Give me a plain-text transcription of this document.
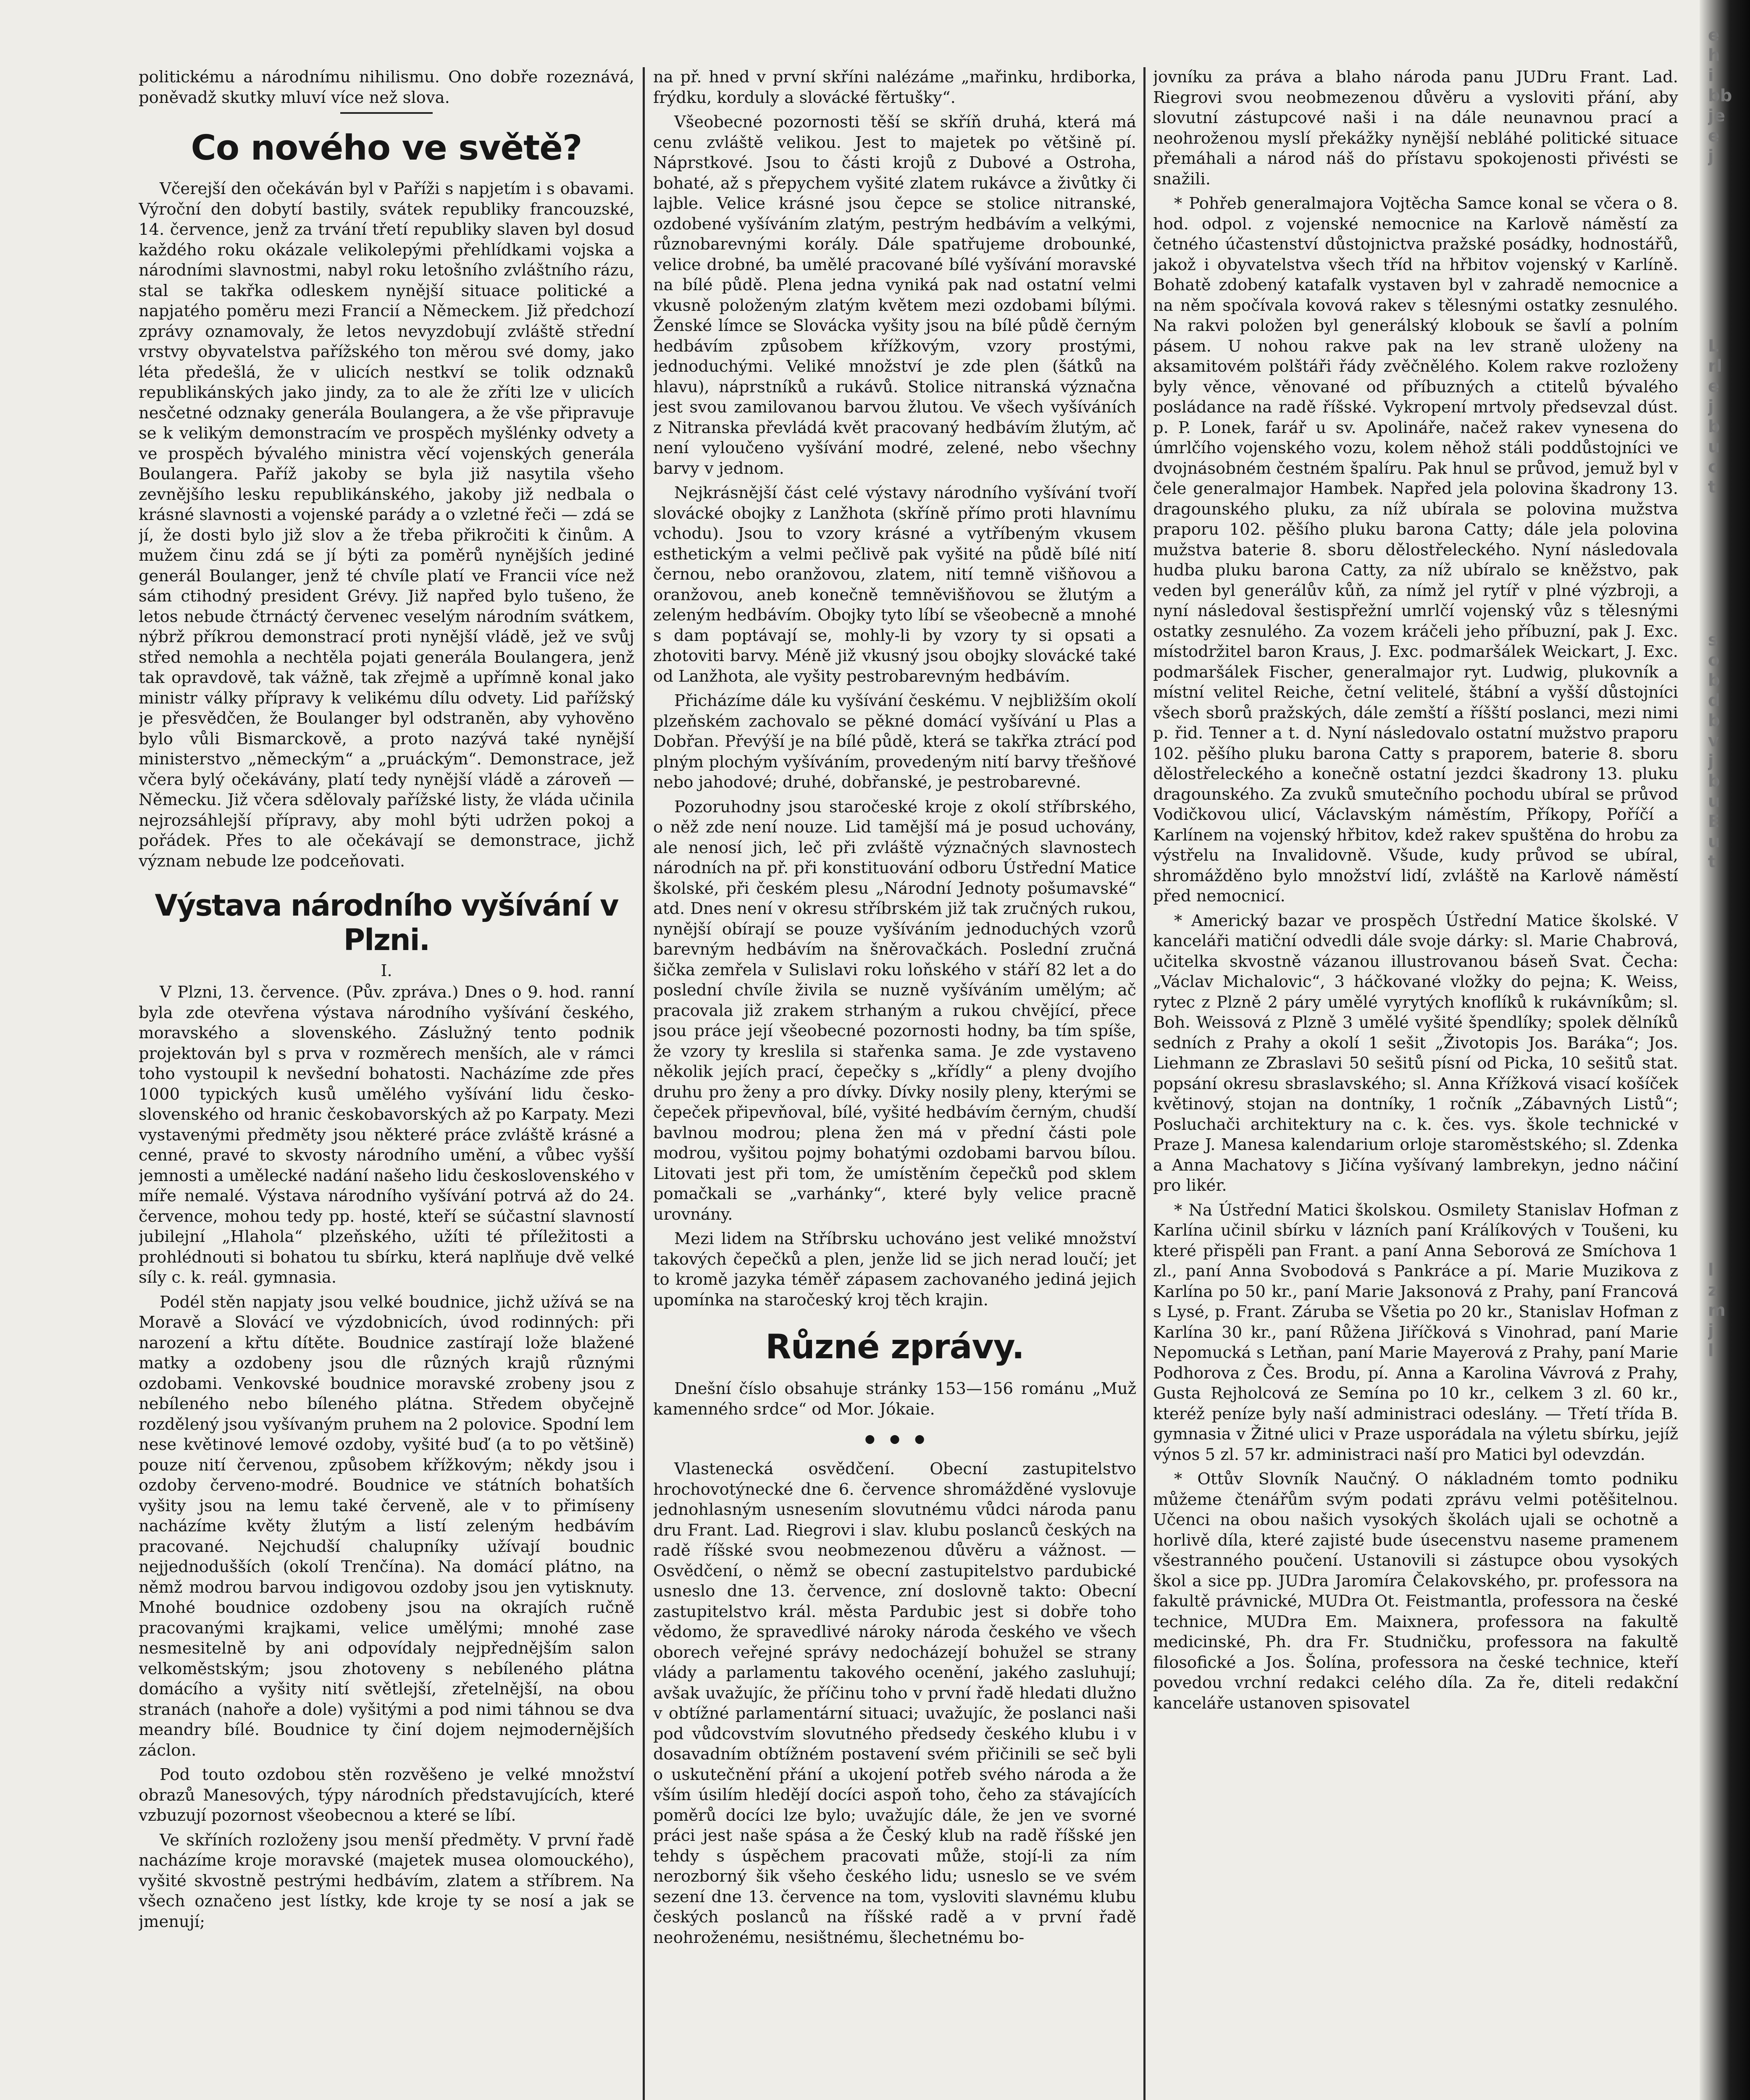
e
h
i
bb
je
e
j
L
rl
e
j
b
u
c
t
s
o
b
d
b
v
j
b
u
E
u
t
l
z
m
j
l

politickému a národnímu nihilismu. Ono dobře rozeznává, poněvadž skutky mluví více než slova.

Co nového ve světě?

Včerejší den očekáván byl v Paříži s napjetím i s obavami. Výroční den dobytí bastily, svátek republiky francouzské, 14. července, jenž za trvání třetí republiky slaven byl dosud každého roku okázale velikolepými přehlídkami vojska a národními slavnostmi, nabyl roku letošního zvláštního rázu, stal se takřka odleskem nynější situace politické a napjatého poměru mezi Francií a Německem. Již předchozí zprávy oznamovaly, že letos nevyzdobují zvláště střední vrstvy obyvatelstva pařížského ton měrou své domy, jako léta předešlá, že v ulicích nestkví se tolik odznaků republikánských jako jindy, za to ale že zříti lze v ulicích nesčetné odznaky generála Boulangera, a že vše připravuje se k velikým demonstracím ve prospěch myšlénky odvety a ve prospěch bývalého ministra věcí vojenských generála Boulangera. Paříž jakoby se byla již nasytila všeho zevnějšího lesku republikánského, jakoby již nedbala o krásné slavnosti a vojenské parády a o vzletné řeči — zdá se jí, že dosti bylo již slov a že třeba přikročiti k činům. A mužem činu zdá se jí býti za poměrů nynějších jediné generál Boulanger, jenž té chvíle platí ve Francii více než sám ctihodný president Grévy. Již napřed bylo tušeno, že letos nebude čtrnáctý červenec veselým národním svátkem, nýbrž příkrou demonstrací proti nynější vládě, jež ve svůj střed nemohla a nechtěla pojati generála Boulangera, jenž tak opravdově, tak vážně, tak zřejmě a upřímně konal jako ministr války přípravy k velikému dílu odvety. Lid pařížský je přesvědčen, že Boulanger byl odstraněn, aby vyhověno bylo vůli Bismarckově, a proto nazývá také nynější ministerstvo „německým“ a „pruáckým“. Demonstrace, jež včera bylý očekávány, platí tedy nynější vládě a zároveň — Německu. Již včera sdělovaly pařížské listy, že vláda učinila nejrozsáhlejší přípravy, aby mohl býti udržen pokoj a pořádek. Přes to ale očekávají se demonstrace, jichž význam nebude lze podceňovati.

Výstava národního vyšívání v Plzni.
I.

V Plzni, 13. července. (Pův. zpráva.) Dnes o 9. hod. ranní byla zde otevřena výstava národního vyšívání českého, moravského a slovenského. Záslužný tento podnik projektován byl s prva v rozměrech menších, ale v rámci toho vystoupil k nevšední bohatosti. Nacházíme zde přes 1000 typických kusů umělého vyšívání lidu česko-slovenského od hranic českobavorských až po Karpaty. Mezi vystavenými předměty jsou některé práce zvláště krásné a cenné, pravé to skvosty národního umění, a vůbec vyšší jemnosti a umělecké nadání našeho lidu československého v míře nemalé. Výstava národního vyšívání potrvá až do 24. července, mohou tedy pp. hosté, kteří se súčastní slavností jubilejní „Hlahola“ plzeňského, užíti té příležitosti a prohlédnouti si bohatou tu sbírku, která naplňuje dvě velké síly c. k. reál. gymnasia.

Podél stěn napjaty jsou velké boudnice, jichž užívá se na Moravě a Slovácí ve výzdobnicích, úvod rodinných: při narození a křtu dítěte. Boudnice zastírají lože blažené matky a ozdobeny jsou dle různých krajů různými ozdobami. Venkovské boudnice moravské zrobeny jsou z nebíleného nebo bíleného plátna. Středem obyčejně rozdělený jsou vyšívaným pruhem na 2 polovice. Spodní lem nese květinové lemové ozdoby, vyšité buď (a to po většině) pouze nití červenou, způsobem křížkovým; někdy jsou i ozdoby červeno-modré. Boudnice ve státních bohatších vyšity jsou na lemu také červeně, ale v to přimíseny nacházíme květy žlutým a listí zeleným hedbávím pracované. Nejchudší chalupníky užívají boudnic nejjednodušších (okolí Trenčína). Na domácí plátno, na němž modrou barvou indigovou ozdoby jsou jen vytisknuty. Mnohé boudnice ozdobeny jsou na okrajích ručně pracovanými krajkami, velice umělými; mnohé zase nesmesitelně by ani odpovídaly nejpřednějším salon velkoměstským; jsou zhotoveny s nebíleného plátna domácího a vyšity nití světlejší, zřetelnější, na obou stranách (nahoře a dole) vyšitými a pod nimi táhnou se dva meandry bílé. Boudnice ty činí dojem nejmodernějších záclon.

Pod touto ozdobou stěn rozvěšeno je velké množství obrazů Manesových, týpy národních představujících, které vzbuzují pozornost všeobecnou a které se líbí.

Ve skříních rozloženy jsou menší předměty. V první řadě nacházíme kroje moravské (majetek musea olomouckého), vyšité skvostně pestrými hedbávím, zlatem a stříbrem. Na všech označeno jest lístky, kde kroje ty se nosí a jak se jmenují;

na př. hned v první skříni nalézáme „mařinku, hrdiborka, frýdku, korduly a slovácké fěrtušky“.

Všeobecné pozornosti těší se skříň druhá, která má cenu zvláště velikou. Jest to majetek po většině pí. Náprstkové. Jsou to části krojů z Dubové a Ostroha, bohaté, až s přepychem vyšité zlatem rukávce a živůtky či lajble. Velice krásné jsou čepce se stolice nitranské, ozdobené vyšíváním zlatým, pestrým hedbávím a velkými, různobarevnými korály. Dále spatřujeme drobounké, velice drobné, ba umělé pracované bílé vyšívání moravské na bílé půdě. Plena jedna vyniká pak nad ostatní velmi vkusně položeným zlatým květem mezi ozdobami bílými. Ženské límce se Slovácka vyšity jsou na bílé půdě černým hedbávím způsobem křížkovým, vzory prostými, jednoduchými. Veliké množství je zde plen (šátků na hlavu), náprstníků a rukávů. Stolice nitranská význačna jest svou zamilovanou barvou žlutou. Ve všech vyšíváních z Nitranska převládá květ pracovaný hedbávím žlutým, ač není vyloučeno vyšívání modré, zelené, nebo všechny barvy v jednom.

Nejkrásnější část celé výstavy národního vyšívání tvoří slovácké obojky z Lanžhota (skříně přímo proti hlavnímu vchodu). Jsou to vzory krásné a vytříbeným vkusem esthetickým a velmi pečlivě pak vyšité na půdě bílé nití černou, nebo oranžovou, zlatem, nití temně višňovou a oranžovou, aneb konečně temněvišňovou se žlutým a zeleným hedbávím. Obojky tyto líbí se všeobecně a mnohé s dam poptávají se, mohly-li by vzory ty si opsati a zhotoviti barvy. Méně již vkusný jsou obojky slovácké také od Lanžhota, ale vyšity pestrobarevným hedbávím.

Přicházíme dále ku vyšívání českému. V nejbližším okolí plzeňském zachovalo se pěkné domácí vyšívání u Plas a Dobřan. Převýší je na bílé půdě, která se takřka ztrácí pod plným plochým vyšíváním, provedeným nití barvy třešňové nebo jahodové; druhé, dobřanské, je pestrobarevné.

Pozoruhodny jsou staročeské kroje z okolí stříbrského, o něž zde není nouze. Lid tamější má je posud uchovány, ale nenosí jich, leč při zvláště význačných slavnostech národních na př. při konstituování odboru Ústřední Matice školské, při českém plesu „Národní Jednoty pošumavské“ atd. Dnes není v okresu stříbrském již tak zručných rukou, nynější obírají se pouze vyšíváním jednoduchých vzorů barevným hedbávím na šněrovačkách. Poslední zručná šička zemřela v Sulislavi roku loňského v stáří 82 let a do poslední chvíle živila se nuzně vyšíváním umělým; ač pracovala již zrakem strhaným a rukou chvějící, přece jsou práce její všeobecné pozornosti hodny, ba tím spíše, že vzory ty kreslila si stařenka sama. Je zde vystaveno několik jejích prací, čepečky s „křídly“ a pleny dvojího druhu pro ženy a pro dívky. Dívky nosily pleny, kterými se čepeček připevňoval, bílé, vyšité hedbávím černým, chudší bavlnou modrou; plena žen má v přední části pole modrou, vyšitou pojmy bohatými ozdobami barvou bílou. Litovati jest při tom, že umístěním čepečků pod sklem pomačkali se „varhánky“, které byly velice pracně urovnány.

Mezi lidem na Stříbrsku uchováno jest veliké množství takových čepečků a plen, jenže lid se jich nerad loučí; jet to kromě jazyka téměř zápasem zachovaného jediná jejich upomínka na staročeský kroj těch krajin.

Různé zprávy.

Dnešní číslo obsahuje stránky 153—156 románu „Muž kamenného srdce“ od Mor. Jókaie.

• • •

Vlastenecká osvědčení. Obecní zastupitelstvo hrochovotýnecké dne 6. července shromážděné vyslovuje jednohlasným usnesením slovutnému vůdci národa panu dru Frant. Lad. Riegrovi i slav. klubu poslanců českých na radě říšské svou neobmezenou důvěru a vážnost. — Osvědčení, o němž se obecní zastupitelstvo pardubické usneslo dne 13. července, zní doslovně takto: Obecní zastupitelstvo král. města Pardubic jest si dobře toho vědomo, že spravedlivé nároky národa českého ve všech oborech veřejné správy nedocházejí bohužel se strany vlády a parlamentu takového ocenění, jakého zasluhují; avšak uvažujíc, že příčinu toho v první řadě hledati dlužno v obtížné parlamentární situaci; uvažujíc, že poslanci naši pod vůdcovstvím slovutného předsedy českého klubu i v dosavadním obtížném postavení svém přičinili se seč byli o uskutečnění přání a ukojení potřeb svého národa a že vším úsilím hledějí docíci aspoň toho, čeho za stávajících poměrů docíci lze bylo; uvažujíc dále, že jen ve svorné práci jest naše spása a že Český klub na radě říšské jen tehdy s úspěchem pracovati může, stojí-li za ním nerozborný šik všeho českého lidu; usneslo se ve svém sezení dne 13. července na tom, vysloviti slavnému klubu českých poslanců na říšské radě a v první řadě neohroženému, nesištnému, šlechetnému bo-

jovníku za práva a blaho národa panu JUDru Frant. Lad. Riegrovi svou neobmezenou důvěru a vysloviti přání, aby slovutní zástupcové naši i na dále neunavnou prací a neohroženou myslí překážky nynější nebláhé politické situace přemáhali a národ náš do přístavu spokojenosti přivésti se snažili.

* Pohřeb generalmajora Vojtěcha Samce konal se včera o 8. hod. odpol. z vojenské nemocnice na Karlově náměstí za četného účastenství důstojnictva pražské posádky, hodnostářů, jakož i obyvatelstva všech tříd na hřbitov vojenský v Karlíně. Bohatě zdobený katafalk vystaven byl v zahradě nemocnice a na něm spočívala kovová rakev s tělesnými ostatky zesnulého. Na rakvi položen byl generálský klobouk se šavlí a polním pásem. U nohou rakve pak na lev straně uloženy na aksamitovém polštáři řády zvěčnělého. Kolem rakve rozloženy byly věnce, věnované od příbuzných a ctitelů bývalého posládance na radě říšské. Vykropení mrtvoly předsevzal dúst. p. P. Lonek, farář u sv. Apolináře, načež rakev vynesena do úmrlčího vojenského vozu, kolem něhož stáli poddůstojníci ve dvojnásobném čestném špalíru. Pak hnul se průvod, jemuž byl v čele generalmajor Hambek. Napřed jela polovina škadrony 13. dragounského pluku, za níž ubírala se polovina mužstva praporu 102. pěšího pluku barona Catty; dále jela polovina mužstva baterie 8. sboru dělostřeleckého. Nyní následovala hudba pluku barona Catty, za níž ubíralo se kněžstvo, pak veden byl generálův kůň, za nímž jel rytíř v plné výzbroji, a nyní následoval šestispřežní umrlčí vojenský vůz s tělesnými ostatky zesnulého. Za vozem kráčeli jeho příbuzní, pak J. Exc. místodržitel baron Kraus, J. Exc. podmaršálek Weickart, J. Exc. podmaršálek Fischer, generalmajor ryt. Ludwig, plukovník a místní velitel Reiche, četní velitelé, štábní a vyšší důstojníci všech sborů pražských, dále zemští a říšští poslanci, mezi nimi p. řid. Tenner a t. d. Nyní následovalo ostatní mužstvo praporu 102. pěšího pluku barona Catty s praporem, baterie 8. sboru dělostřeleckého a konečně ostatní jezdci škadrony 13. pluku dragounského. Za zvuků smutečního pochodu ubíral se průvod Vodičkovou ulicí, Václavským náměstím, Příkopy, Poříčí a Karlínem na vojenský hřbitov, kdež rakev spuštěna do hrobu za výstřelu na Invalidovně. Všude, kudy průvod se ubíral, shromážděno bylo množství lidí, zvláště na Karlově náměstí před nemocnicí.

* Americký bazar ve prospěch Ústřední Matice školské. V kanceláři matiční odvedli dále svoje dárky: sl. Marie Chabrová, učitelka skvostně vázanou illustrovanou báseň Svat. Čecha: „Václav Michalovic“, 3 háčkované vložky do pejna; K. Weiss, rytec z Plzně 2 páry umělé vyrytých knoflíků k rukávníkům; sl. Boh. Weissová z Plzně 3 umělé vyšité špendlíky; spolek dělníků sedních z Prahy a okolí 1 sešit „Životopis Jos. Baráka“; Jos. Liehmann ze Zbraslavi 50 sešitů písní od Picka, 10 sešitů stat. popsání okresu sbraslavského; sl. Anna Křížková visací košíček květinový, stojan na dontníky, 1 ročník „Zábavných Listů“; Posluchači architektury na c. k. čes. vys. škole technické v Praze J. Manesa kalendarium orloje staroměstského; sl. Zdenka a Anna Machatovy s Jičína vyšívaný lambrekyn, jedno náčiní pro likér.

* Na Ústřední Matici školskou. Osmilety Stanislav Hofman z Karlína učinil sbírku v lázních paní Králíkových v Toušeni, ku které přispěli pan Frant. a paní Anna Seborová ze Smíchova 1 zl., paní Anna Svobodová s Pankráce a pí. Marie Muzikova z Karlína po 50 kr., paní Marie Jaksonová z Prahy, paní Francová s Lysé, p. Frant. Záruba se Všetia po 20 kr., Stanislav Hofman z Karlína 30 kr., paní Růžena Jiříčková s Vinohrad, paní Marie Nepomucká s Letňan, paní Marie Mayerová z Prahy, paní Marie Podhorova z Čes. Brodu, pí. Anna a Karolina Vávrová z Prahy, Gusta Rejholcová ze Semína po 10 kr., celkem 3 zl. 60 kr., kteréž peníze byly naší administraci odeslány. — Třetí třída B. gymnasia v Žitné ulici v Praze usporádala na výletu sbírku, jejíž výnos 5 zl. 57 kr. administraci naší pro Matici byl odevzdán.

* Ottův Slovník Naučný. O nákladném tomto podniku můžeme čtenářům svým podati zprávu velmi potěšitelnou. Učenci na obou našich vysokých školách ujali se ochotně a horlivě díla, které zajisté bude úsecenstvu naseme pramenem všestranného poučení. Ustanovili si zástupce obou vysokých škol a sice pp. JUDra Jaromíra Čelakovského, pr. professora na fakultě právnické, MUDra Ot. Feistmantla, professora na české technice, MUDra Em. Maixnera, professora na fakultě medicinské, Ph. dra Fr. Studničku, professora na fakultě filosofické a Jos. Šolína, professora na české technice, kteří povedou vrchní redakci celého díla. Za ře, diteli redakční kanceláře ustanoven spisovatel
